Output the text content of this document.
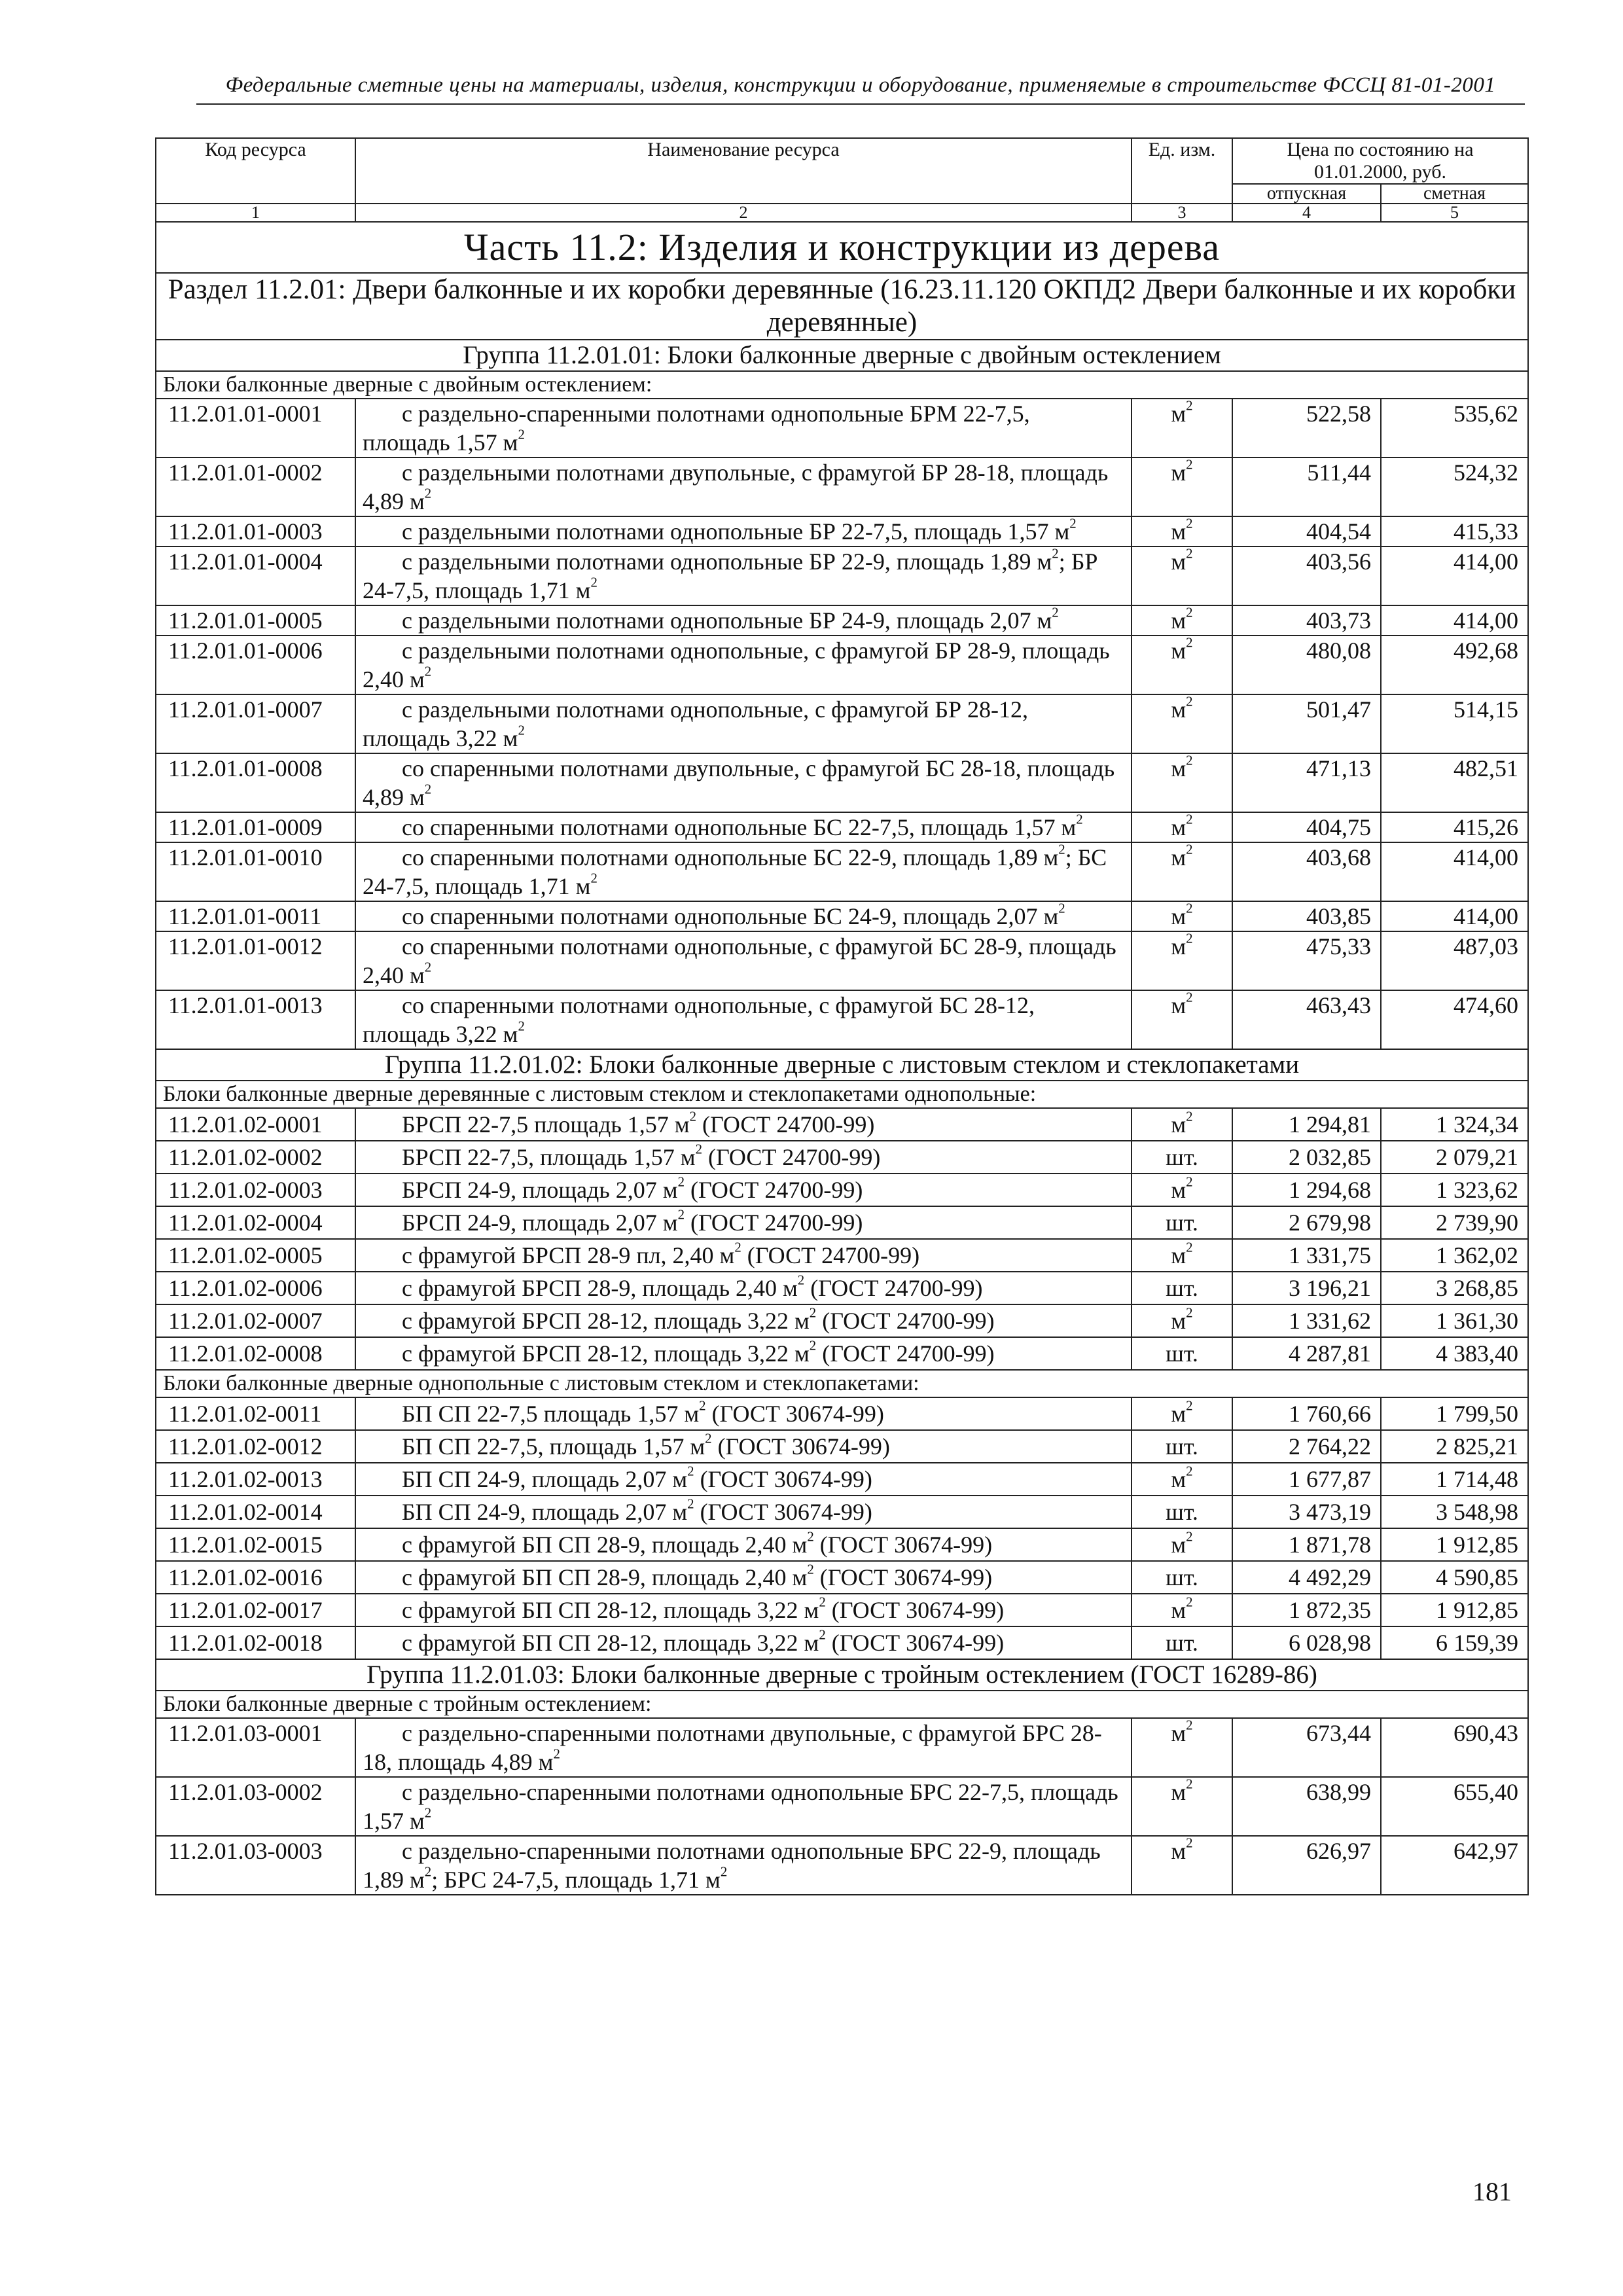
Федеральные сметные цены на материалы, изделия, конструкции и оборудование, применяемые в строительстве ФССЦ 81-01-2001
Код ресурса	Наименование ресурса	Ед. изм.	Цена по состоянию на 01.01.2000, руб.	
			отпускная	сметная
1	2	3	4	5
Часть 11.2: Изделия и конструкции из дерева				
Раздел 11.2.01: Двери балконные и их коробки деревянные (16.23.11.120 ОКПД2 Двери балконные и их коробки деревянные)				
Группа 11.2.01.01: Блоки балконные дверные с двойным остеклением				
Блоки балконные дверные с двойным остеклением:				
11.2.01.01-0001	с раздельно-спаренными полотнами однопольные БРМ 22-7,5, площадь 1,57 $м^2$	$м^2$	522,58	535,62
11.2.01.01-0002	с раздельными полотнами двупольные, с фрамугой БР 28-18, площадь 4,89 $м^2$	$м^2$	511,44	524,32
11.2.01.01-0003	с раздельными полотнами однопольные БР 22-7,5, площадь 1,57 $м^2$	$м^2$	404,54	415,33
11.2.01.01-0004	с раздельными полотнами однопольные БР 22-9, площадь 1,89 $м^2$; БР 24-7,5, площадь 1,71 $м^2$	$м^2$	403,56	414,00
11.2.01.01-0005	с раздельными полотнами однопольные БР 24-9, площадь 2,07 $м^2$	$м^2$	403,73	414,00
11.2.01.01-0006	с раздельными полотнами однопольные, с фрамугой БР 28-9, площадь 2,40 $м^2$	$м^2$	480,08	492,68
11.2.01.01-0007	с раздельными полотнами однопольные, с фрамугой БР 28-12, площадь 3,22 $м^2$	$м^2$	501,47	514,15
11.2.01.01-0008	со спаренными полотнами двупольные, с фрамугой БС 28-18, площадь 4,89 $м^2$	$м^2$	471,13	482,51
11.2.01.01-0009	со спаренными полотнами однопольные БС 22-7,5, площадь 1,57 $м^2$	$м^2$	404,75	415,26
11.2.01.01-0010	со спаренными полотнами однопольные БС 22-9, площадь 1,89 $м^2$; БС 24-7,5, площадь 1,71 $м^2$	$м^2$	403,68	414,00
11.2.01.01-0011	со спаренными полотнами однопольные БС 24-9, площадь 2,07 $м^2$	$м^2$	403,85	414,00
11.2.01.01-0012	со спаренными полотнами однопольные, с фрамугой БС 28-9, площадь 2,40 $м^2$	$м^2$	475,33	487,03
11.2.01.01-0013	со спаренными полотнами однопольные, с фрамугой БС 28-12, площадь 3,22 $м^2$	$м^2$	463,43	474,60
Группа 11.2.01.02: Блоки балконные дверные с листовым стеклом и стеклопакетами				
Блоки балконные дверные деревянные с листовым стеклом и стеклопакетами однопольные:				
11.2.01.02-0001	БРСП 22-7,5 площадь 1,57 $м^2$ (ГОСТ 24700-99)	$м^2$	1 294,81	1 324,34
11.2.01.02-0002	БРСП 22-7,5, площадь 1,57 $м^2$ (ГОСТ 24700-99)	шт.	2 032,85	2 079,21
11.2.01.02-0003	БРСП 24-9, площадь 2,07 $м^2$ (ГОСТ 24700-99)	$м^2$	1 294,68	1 323,62
11.2.01.02-0004	БРСП 24-9, площадь 2,07 $м^2$ (ГОСТ 24700-99)	шт.	2 679,98	2 739,90
11.2.01.02-0005	с фрамугой БРСП 28-9 пл, 2,40 $м^2$ (ГОСТ 24700-99)	$м^2$	1 331,75	1 362,02
11.2.01.02-0006	с фрамугой БРСП 28-9, площадь 2,40 $м^2$ (ГОСТ 24700-99)	шт.	3 196,21	3 268,85
11.2.01.02-0007	с фрамугой БРСП 28-12, площадь 3,22 $м^2$ (ГОСТ 24700-99)	$м^2$	1 331,62	1 361,30
11.2.01.02-0008	с фрамугой БРСП 28-12, площадь 3,22 $м^2$ (ГОСТ 24700-99)	шт.	4 287,81	4 383,40
Блоки балконные дверные однопольные с листовым стеклом и стеклопакетами:				
11.2.01.02-0011	БП СП 22-7,5 площадь 1,57 $м^2$ (ГОСТ 30674-99)	$м^2$	1 760,66	1 799,50
11.2.01.02-0012	БП СП 22-7,5, площадь 1,57 $м^2$ (ГОСТ 30674-99)	шт.	2 764,22	2 825,21
11.2.01.02-0013	БП СП 24-9, площадь 2,07 $м^2$ (ГОСТ 30674-99)	$м^2$	1 677,87	1 714,48
11.2.01.02-0014	БП СП 24-9, площадь 2,07 $м^2$ (ГОСТ 30674-99)	шт.	3 473,19	3 548,98
11.2.01.02-0015	с фрамугой БП СП 28-9, площадь 2,40 $м^2$ (ГОСТ 30674-99)	$м^2$	1 871,78	1 912,85
11.2.01.02-0016	с фрамугой БП СП 28-9, площадь 2,40 $м^2$ (ГОСТ 30674-99)	шт.	4 492,29	4 590,85
11.2.01.02-0017	с фрамугой БП СП 28-12, площадь 3,22 $м^2$ (ГОСТ 30674-99)	$м^2$	1 872,35	1 912,85
11.2.01.02-0018	с фрамугой БП СП 28-12, площадь 3,22 $м^2$ (ГОСТ 30674-99)	шт.	6 028,98	6 159,39
Группа 11.2.01.03: Блоки балконные дверные с тройным остеклением (ГОСТ 16289-86)				
Блоки балконные дверные с тройным остеклением:				
11.2.01.03-0001	с раздельно-спаренными полотнами двупольные, с фрамугой БРС 28-18, площадь 4,89 $м^2$	$м^2$	673,44	690,43
11.2.01.03-0002	с раздельно-спаренными полотнами однопольные БРС 22-7,5, площадь 1,57 $м^2$	$м^2$	638,99	655,40
11.2.01.03-0003	с раздельно-спаренными полотнами однопольные БРС 22-9, площадь 1,89 $м^2$; БРС 24-7,5, площадь 1,71 $м^2$	$м^2$	626,97	642,97
181
